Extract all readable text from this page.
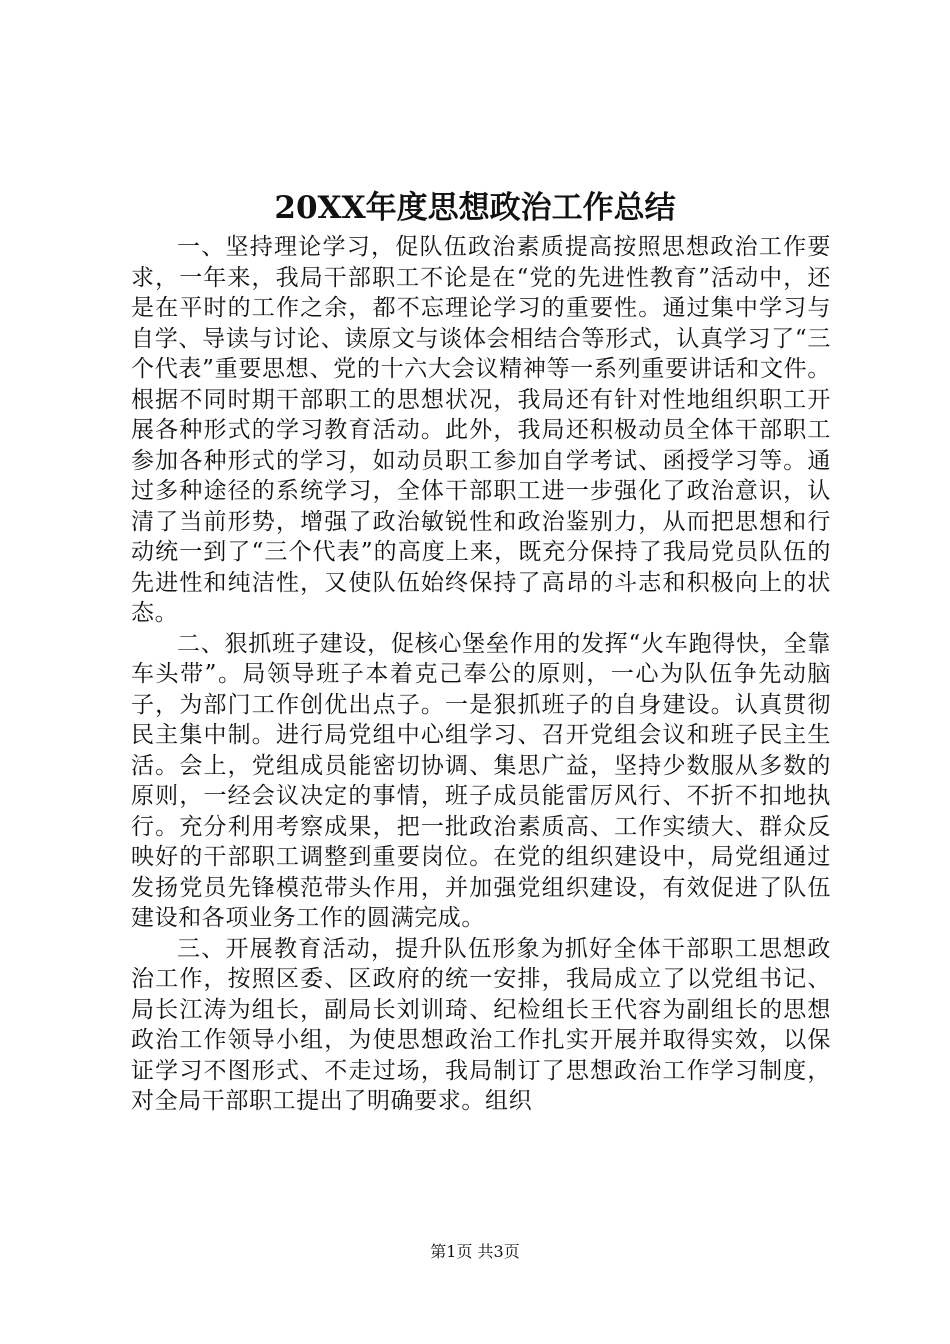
20XX年度思想政治工作总结

一、坚持理论学习，促队伍政治素质提高按照思想政治工作要求，一年来，我局干部职工不论是在“党的先进性教育”活动中，还是在平时的工作之余，都不忘理论学习的重要性。通过集中学习与自学、导读与讨论、读原文与谈体会相结合等形式，认真学习了“三个代表”重要思想、党的十六大会议精神等一系列重要讲话和文件。根据不同时期干部职工的思想状况，我局还有针对性地组织职工开展各种形式的学习教育活动。此外，我局还积极动员全体干部职工参加各种形式的学习，如动员职工参加自学考试、函授学习等。通过多种途径的系统学习，全体干部职工进一步强化了政治意识，认清了当前形势，增强了政治敏锐性和政治鉴别力，从而把思想和行动统一到了“三个代表”的高度上来，既充分保持了我局党员队伍的先进性和纯洁性，又使队伍始终保持了高昂的斗志和积极向上的状态。

二、狠抓班子建设，促核心堡垒作用的发挥“火车跑得快，全靠车头带”。局领导班子本着克己奉公的原则，一心为队伍争先动脑子，为部门工作创优出点子。一是狠抓班子的自身建设。认真贯彻民主集中制。进行局党组中心组学习、召开党组会议和班子民主生活。会上，党组成员能密切协调、集思广益，坚持少数服从多数的原则，一经会议决定的事情，班子成员能雷厉风行、不折不扣地执行。充分利用考察成果，把一批政治素质高、工作实绩大、群众反映好的干部职工调整到重要岗位。在党的组织建设中，局党组通过发扬党员先锋模范带头作用，并加强党组织建设，有效促进了队伍建设和各项业务工作的圆满完成。

三、开展教育活动，提升队伍形象为抓好全体干部职工思想政治工作，按照区委、区政府的统一安排，我局成立了以党组书记、局长江涛为组长，副局长刘训琦、纪检组长王代容为副组长的思想政治工作领导小组，为使思想政治工作扎实开展并取得实效，以保证学习不图形式、不走过场，我局制订了思想政治工作学习制度，对全局干部职工提出了明确要求。组织

第1页 共3页
